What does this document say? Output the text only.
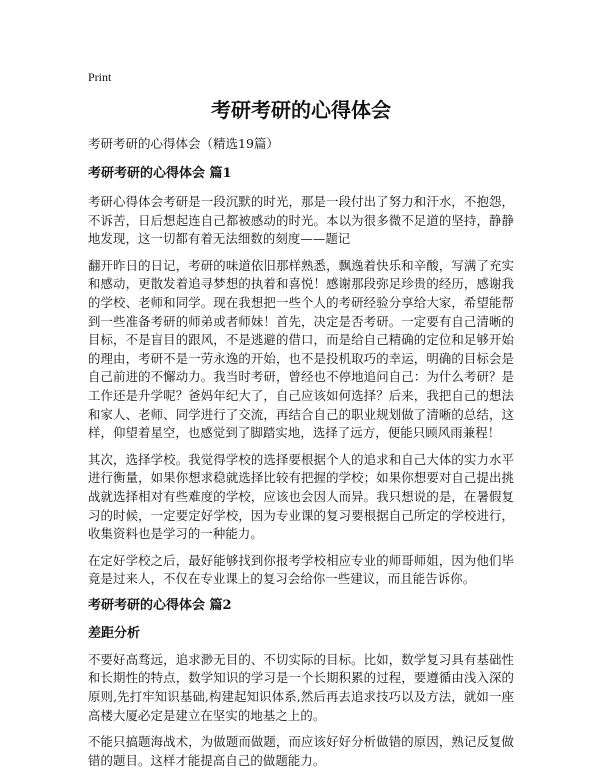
Print
考研考研的心得体会
考研考研的心得体会（精选19篇）
考研考研的心得体会 篇1

考研心得体会考研是一段沉默的时光，那是一段付出了努力和汗水，不抱怨，不诉苦，日后想起连自己都被感动的时光。本以为很多微不足道的坚持，静静地发现，这一切都有着无法细数的刻度——题记

翻开昨日的日记，考研的味道依旧那样熟悉，飘逸着快乐和辛酸，写满了充实和感动，更散发着追寻梦想的执着和喜悦！感谢那段弥足珍贵的经历，感谢我的学校、老师和同学。现在我想把一些个人的考研经验分享给大家，希望能帮到一些准备考研的师弟或者师妹！首先，决定是否考研。一定要有自己清晰的目标，不是盲目的跟风，不是逃避的借口，而是给自己精确的定位和足够开始的理由，考研不是一劳永逸的开始，也不是投机取巧的幸运，明确的目标会是自己前进的不懈动力。我当时考研，曾经也不停地追问自己：为什么考研？是工作还是升学呢？爸妈年纪大了，自己应该如何选择？后来，我把自己的想法和家人、老师、同学进行了交流，再结合自己的职业规划做了清晰的总结，这样，仰望着星空，也感觉到了脚踏实地，选择了远方，便能只顾风雨兼程！

其次，选择学校。我觉得学校的选择要根据个人的追求和自己大体的实力水平进行衡量，如果你想求稳就选择比较有把握的学校；如果你想要对自己提出挑战就选择相对有些难度的学校，应该也会因人而异。我只想说的是，在暑假复习的时候，一定要定好学校，因为专业课的复习要根据自己所定的学校进行，收集资料也是学习的一种能力。

在定好学校之后，最好能够找到你报考学校相应专业的师哥师姐，因为他们毕竟是过来人，不仅在专业课上的复习会给你一些建议，而且能告诉你。

考研考研的心得体会 篇2
差距分析

不要好高骛远，追求渺无目的、不切实际的目标。比如，数学复习具有基础性和长期性的特点，数学知识的学习是一个长期积累的过程，要遵循由浅入深的原则,先打牢知识基础,构建起知识体系,然后再去追求技巧以及方法，就如一座高楼大厦必定是建立在坚实的地基之上的。

不能只搞题海战术，为做题而做题，而应该好好分析做错的原因，熟记反复做错的题目。这样才能提高自己的做题能力。
